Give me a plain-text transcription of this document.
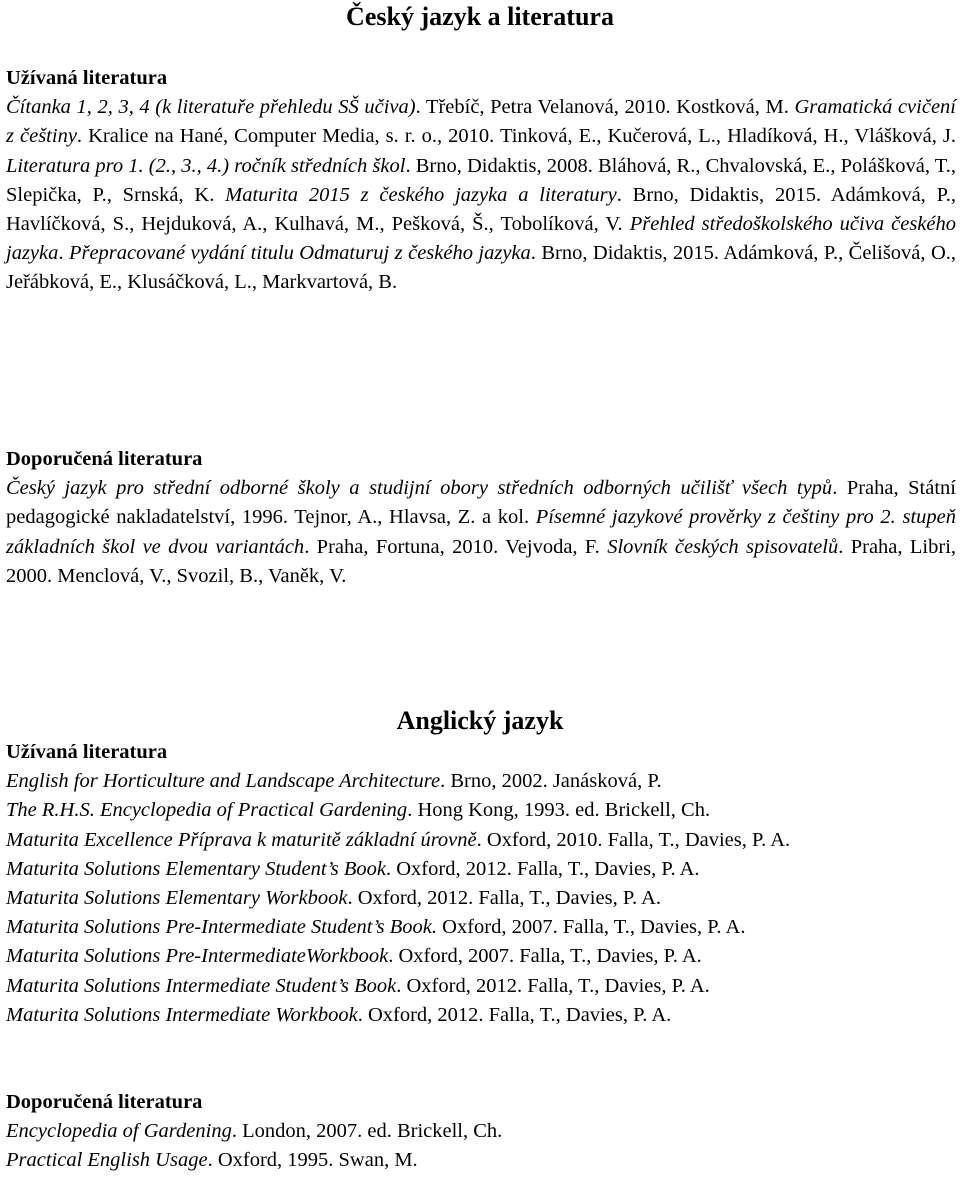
Český jazyk a literatura
Užívaná literatura
Čítanka 1, 2, 3, 4 (k literatuře přehledu SŠ učiva). Třebíč, Petra Velanová, 2010. Kostková, M. Gramatická cvičení z češtiny. Kralice na Hané, Computer Media, s. r. o., 2010. Tinková, E., Kučerová, L., Hladíková, H., Vlášková, J. Literatura pro 1. (2., 3., 4.) ročník středních škol. Brno, Didaktis, 2008. Bláhová, R., Chvalovská, E., Polášková, T., Slepička, P., Srnská, K. Maturita 2015 z českého jazyka a literatury. Brno, Didaktis, 2015. Adámková, P., Havlíčková, S., Hejduková, A., Kulhavá, M., Pešková, Š., Tobolíková, V. Přehled středoškolského učiva českého jazyka. Přepracované vydání titulu Odmaturuj z českého jazyka. Brno, Didaktis, 2015. Adámková, P., Čelišová, O., Jeřábková, E., Klusáčková, L., Markvartová, B.
Doporučená literatura
Český jazyk pro střední odborné školy a studijní obory středních odborných učilišť všech typů. Praha, Státní pedagogické nakladatelství, 1996. Tejnor, A., Hlavsa, Z. a kol. Písemné jazykové prověrky z češtiny pro 2. stupeň základních škol ve dvou variantách. Praha, Fortuna, 2010. Vejvoda, F. Slovník českých spisovatelů. Praha, Libri, 2000. Menclová, V., Svozil, B., Vaněk, V.
Anglický jazyk
Užívaná literatura
English for Horticulture and Landscape Architecture. Brno, 2002. Janásková, P.
The R.H.S. Encyclopedia of Practical Gardening. Hong Kong, 1993. ed. Brickell, Ch.
Maturita Excellence Příprava k maturitě základní úrovně. Oxford, 2010. Falla, T., Davies, P. A.
Maturita Solutions Elementary Student’s Book. Oxford, 2012. Falla, T., Davies, P. A.
Maturita Solutions Elementary Workbook. Oxford, 2012. Falla, T., Davies, P. A.
Maturita Solutions Pre-Intermediate Student’s Book. Oxford, 2007. Falla, T., Davies, P. A.
Maturita Solutions Pre-IntermediateWorkbook. Oxford, 2007. Falla, T., Davies, P. A.
Maturita Solutions Intermediate Student’s Book. Oxford, 2012. Falla, T., Davies, P. A.
Maturita Solutions Intermediate Workbook. Oxford, 2012. Falla, T., Davies, P. A.
Doporučená literatura
Encyclopedia of Gardening. London, 2007. ed. Brickell, Ch.
Practical English Usage. Oxford, 1995. Swan, M.
